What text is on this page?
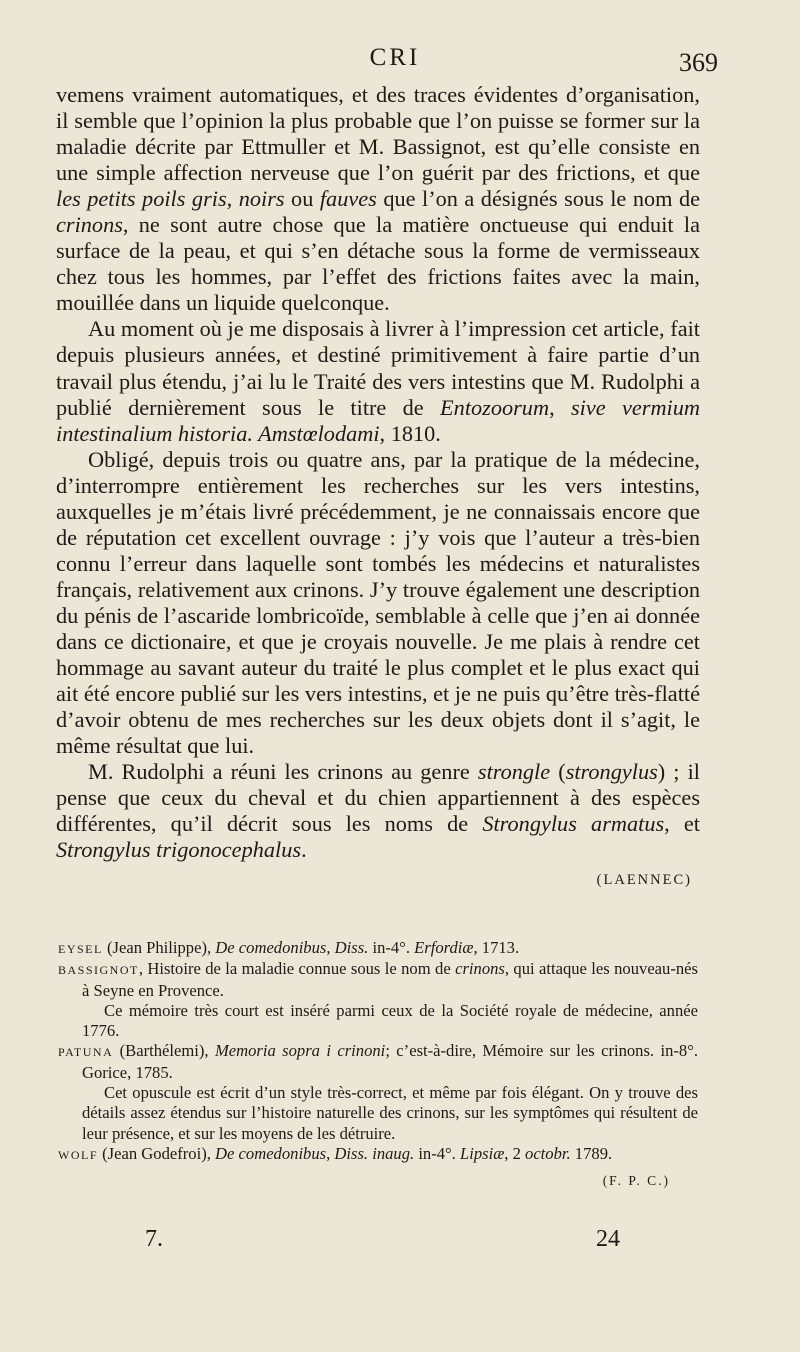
CRI	369

vemens vraiment automatiques, et des traces évidentes d’organisation, il semble que l’opinion la plus probable que l’on puisse se former sur la maladie décrite par Ettmuller et M. Bassignot, est qu’elle consiste en une simple affection nerveuse que l’on guérit par des frictions, et que les petits poils gris, noirs ou fauves que l’on a désignés sous le nom de crinons, ne sont autre chose que la matière onctueuse qui enduit la surface de la peau, et qui s’en détache sous la forme de vermisseaux chez tous les hommes, par l’effet des frictions faites avec la main, mouillée dans un liquide quelconque.

Au moment où je me disposais à livrer à l’impression cet article, fait depuis plusieurs années, et destiné primitivement à faire partie d’un travail plus étendu, j’ai lu le Traité des vers intestins que M. Rudolphi a publié dernièrement sous le titre de Entozoorum, sive vermium intestinalium historia. Amstœlodami, 1810.

Obligé, depuis trois ou quatre ans, par la pratique de la médecine, d’interrompre entièrement les recherches sur les vers intestins, auxquelles je m’étais livré précédemment, je ne connaissais encore que de réputation cet excellent ouvrage : j’y vois que l’auteur a très-bien connu l’erreur dans laquelle sont tombés les médecins et naturalistes français, relativement aux crinons. J’y trouve également une description du pénis de l’ascaride lombricoïde, semblable à celle que j’en ai donnée dans ce dictionaire, et que je croyais nouvelle. Je me plais à rendre cet hommage au savant auteur du traité le plus complet et le plus exact qui ait été encore publié sur les vers intestins, et je ne puis qu’être très-flatté d’avoir obtenu de mes recherches sur les deux objets dont il s’agit, le même résultat que lui.

M. Rudolphi a réuni les crinons au genre strongle (strongylus) ; il pense que ceux du cheval et du chien appartiennent à des espèces différentes, qu’il décrit sous les noms de Strongylus armatus, et Strongylus trigonocephalus.

(LAENNEC)

EYSEL (Jean Philippe), De comedonibus, Diss. in-4°. Erfordiæ, 1713.

BASSIGNOT, Histoire de la maladie connue sous le nom de crinons, qui attaque les nouveau-nés à Seyne en Provence.

Ce mémoire très court est inséré parmi ceux de la Société royale de médecine, année 1776.

PATUNA (Barthélemi), Memoria sopra i crinoni; c’est-à-dire, Mémoire sur les crinons. in-8°. Gorice, 1785.

Cet opuscule est écrit d’un style très-correct, et même par fois élégant. On y trouve des détails assez étendus sur l’histoire naturelle des crinons, sur les symptômes qui résultent de leur présence, et sur les moyens de les détruire.

WOLF (Jean Godefroi), De comedonibus, Diss. inaug. in-4°. Lipsiæ, 2 octobr. 1789.

(F. P. C.)
7.	24
